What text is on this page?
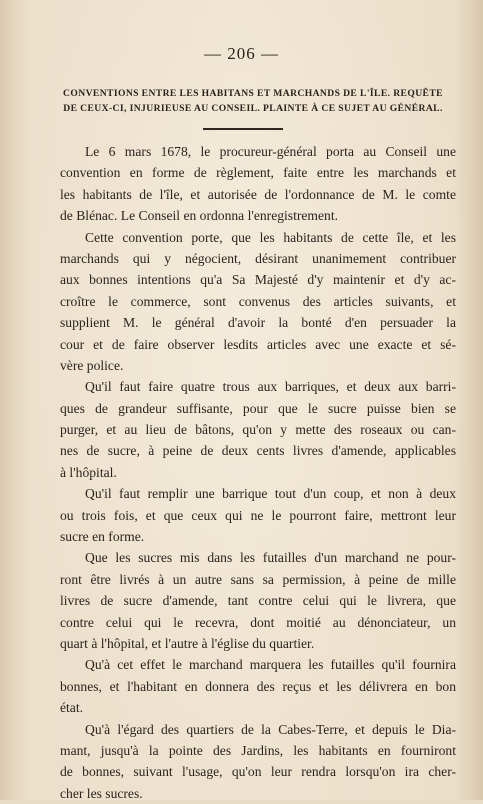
— 206 —
CONVENTIONS ENTRE LES HABITANS ET MARCHANDS DE L'ÎLE. REQUÊTE
DE CEUX-CI, INJURIEUSE AU CONSEIL. PLAINTE À CE SUJET AU GÉNÉRAL.
Le 6 mars 1678, le procureur-général porta au Conseil une
convention en forme de règlement, faite entre les marchands et
les habitants de l'île, et autorisée de l'ordonnance de M. le comte
de Blénac. Le Conseil en ordonna l'enregistrement.
Cette convention porte, que les habitants de cette île, et les
marchands qui y négocient, désirant unanimement contribuer
aux bonnes intentions qu'a Sa Majesté d'y maintenir et d'y ac-
croître le commerce, sont convenus des articles suivants, et
supplient M. le général d'avoir la bonté d'en persuader la
cour et de faire observer lesdits articles avec une exacte et sé-
vère police.
Qu'il faut faire quatre trous aux barriques, et deux aux barri-
ques de grandeur suffisante, pour que le sucre puisse bien se
purger, et au lieu de bâtons, qu'on y mette des roseaux ou can-
nes de sucre, à peine de deux cents livres d'amende, applicables
à l'hôpital.
Qu'il faut remplir une barrique tout d'un coup, et non à deux
ou trois fois, et que ceux qui ne le pourront faire, mettront leur
sucre en forme.
Que les sucres mis dans les futailles d'un marchand ne pour-
ront être livrés à un autre sans sa permission, à peine de mille
livres de sucre d'amende, tant contre celui qui le livrera, que
contre celui qui le recevra, dont moitié au dénonciateur, un
quart à l'hôpital, et l'autre à l'église du quartier.
Qu'à cet effet le marchand marquera les futailles qu'il fournira
bonnes, et l'habitant en donnera des reçus et les délivrera en bon
état.
Qu'à l'égard des quartiers de la Cabes-Terre, et depuis le Dia-
mant, jusqu'à la pointe des Jardins, les habitants en fourniront
de bonnes, suivant l'usage, qu'on leur rendra lorsqu'on ira cher-
cher les sucres.
